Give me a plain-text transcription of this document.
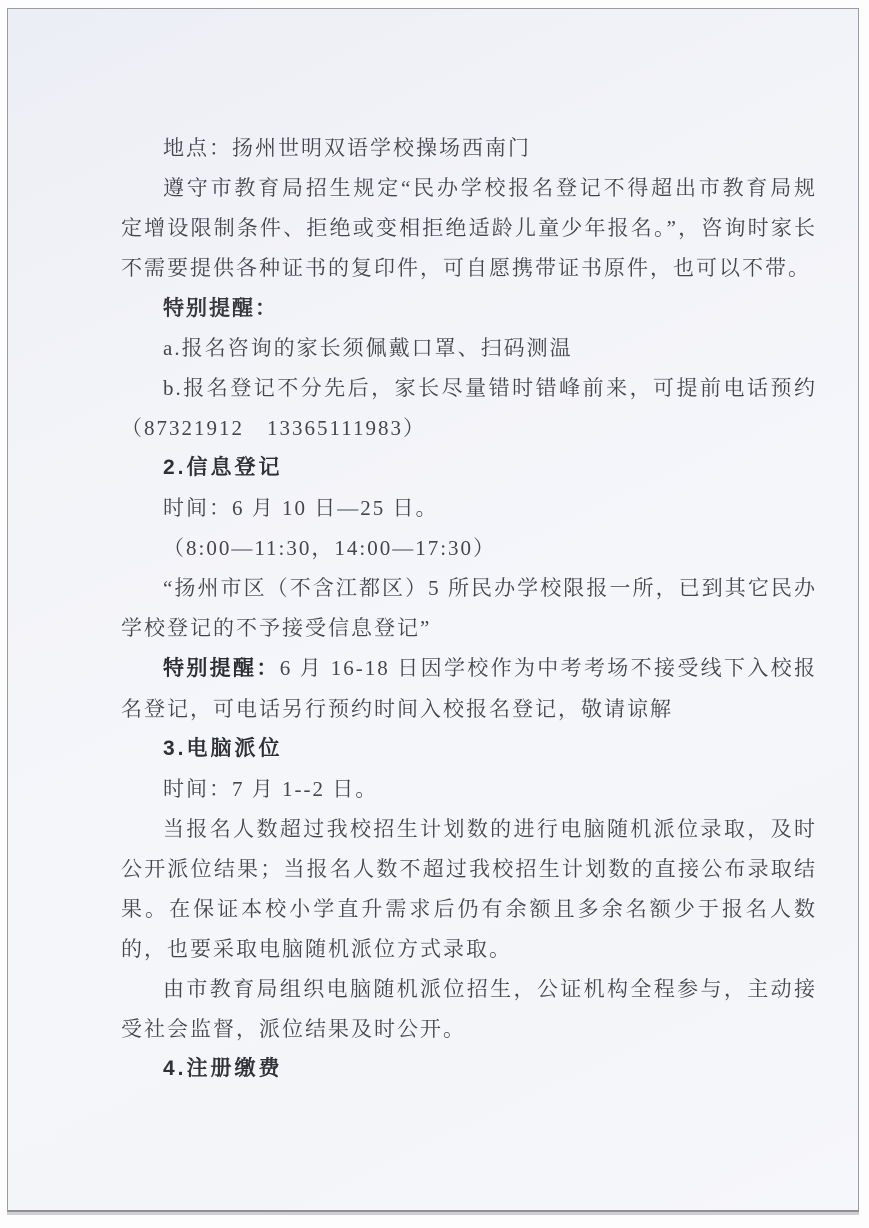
地点：扬州世明双语学校操场西南门

遵守市教育局招生规定“民办学校报名登记不得超出市教育局规定增设限制条件、拒绝或变相拒绝适龄儿童少年报名。”，咨询时家长不需要提供各种证书的复印件，可自愿携带证书原件，也可以不带。

特别提醒：

a.报名咨询的家长须佩戴口罩、扫码测温

b.报名登记不分先后，家长尽量错时错峰前来，可提前电话预约（87321912　13365111983）

2.信息登记

时间：6 月 10 日—25 日。

（8:00—11:30，14:00—17:30）

“扬州市区（不含江都区）5 所民办学校限报一所，已到其它民办学校登记的不予接受信息登记”

特别提醒：6 月 16-18 日因学校作为中考考场不接受线下入校报名登记，可电话另行预约时间入校报名登记，敬请谅解

3.电脑派位

时间：7 月 1--2 日。

当报名人数超过我校招生计划数的进行电脑随机派位录取，及时公开派位结果；当报名人数不超过我校招生计划数的直接公布录取结果。在保证本校小学直升需求后仍有余额且多余名额少于报名人数的，也要采取电脑随机派位方式录取。

由市教育局组织电脑随机派位招生，公证机构全程参与，主动接受社会监督，派位结果及时公开。

4.注册缴费
